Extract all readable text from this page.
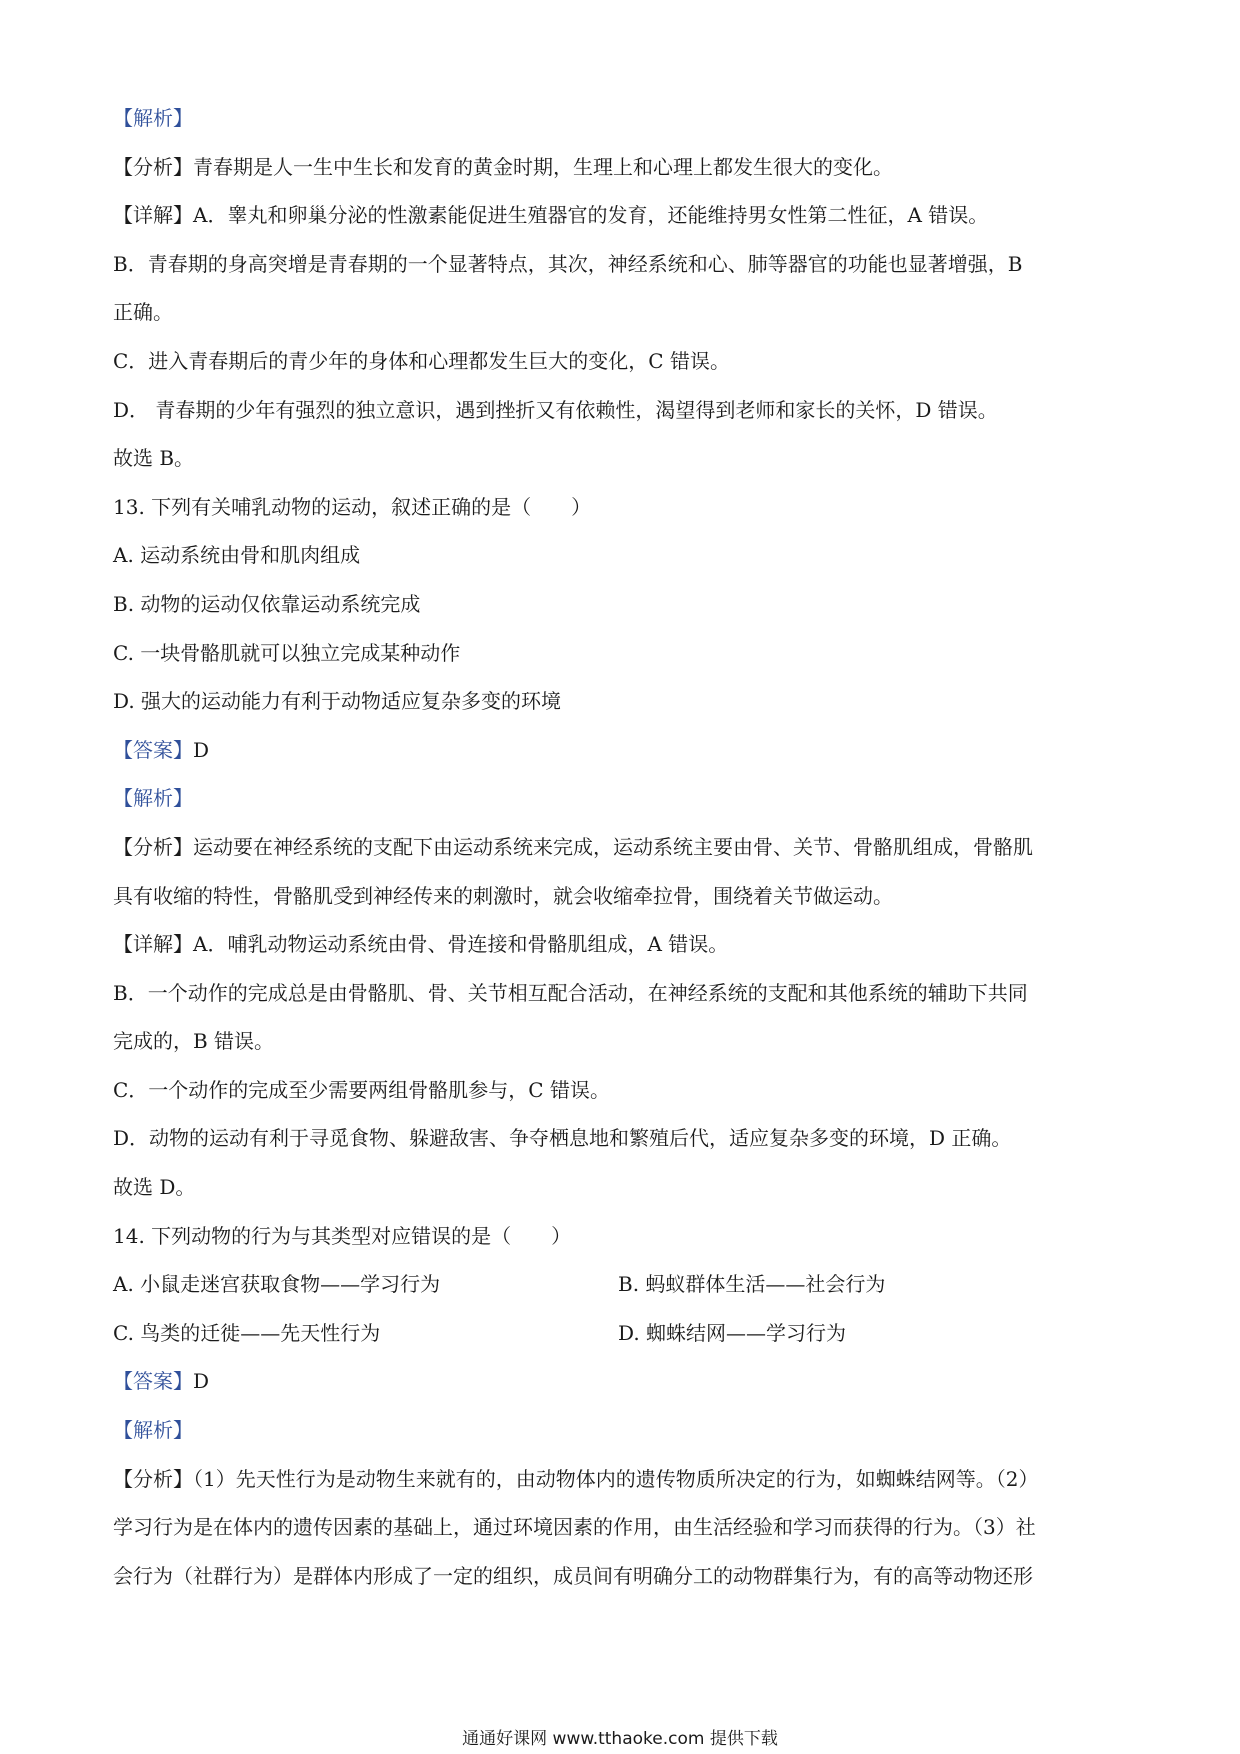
【解析】
【分析】青春期是人一生中生长和发育的黄金时期，生理上和心理上都发生很大的变化。
【详解】A．睾丸和卵巢分泌的性激素能促进生殖器官的发育，还能维持男女性第二性征，A 错误。
B．青春期的身高突增是青春期的一个显著特点，其次，神经系统和心、肺等器官的功能也显著增强，B
正确。
C．进入青春期后的青少年的身体和心理都发生巨大的变化，C 错误。
D． 青春期的少年有强烈的独立意识，遇到挫折又有依赖性，渴望得到老师和家长的关怀，D 错误。
故选 B。
13. 下列有关哺乳动物的运动，叙述正确的是（　　）
A. 运动系统由骨和肌肉组成
B. 动物的运动仅依靠运动系统完成
C. 一块骨骼肌就可以独立完成某种动作
D. 强大的运动能力有利于动物适应复杂多变的环境
【答案】D
【解析】
【分析】运动要在神经系统的支配下由运动系统来完成，运动系统主要由骨、关节、骨骼肌组成，骨骼肌
具有收缩的特性，骨骼肌受到神经传来的刺激时，就会收缩牵拉骨，围绕着关节做运动。
【详解】A．哺乳动物运动系统由骨、骨连接和骨骼肌组成，A 错误。
B．一个动作的完成总是由骨骼肌、骨、关节相互配合活动，在神经系统的支配和其他系统的辅助下共同
完成的，B 错误。
C．一个动作的完成至少需要两组骨骼肌参与，C 错误。
D．动物的运动有利于寻觅食物、躲避敌害、争夺栖息地和繁殖后代，适应复杂多变的环境，D 正确。
故选 D。
14. 下列动物的行为与其类型对应错误的是（　　）
A. 小鼠走迷宫获取食物——学习行为	B. 蚂蚁群体生活——社会行为
C. 鸟类的迁徙——先天性行为	D. 蜘蛛结网——学习行为
【答案】D
【解析】
【分析】（1）先天性行为是动物生来就有的，由动物体内的遗传物质所决定的行为，如蜘蛛结网等。（2）
学习行为是在体内的遗传因素的基础上，通过环境因素的作用，由生活经验和学习而获得的行为。（3）社
会行为（社群行为）是群体内形成了一定的组织，成员间有明确分工的动物群集行为，有的高等动物还形
通通好课网 www.tthaoke.com 提供下载
